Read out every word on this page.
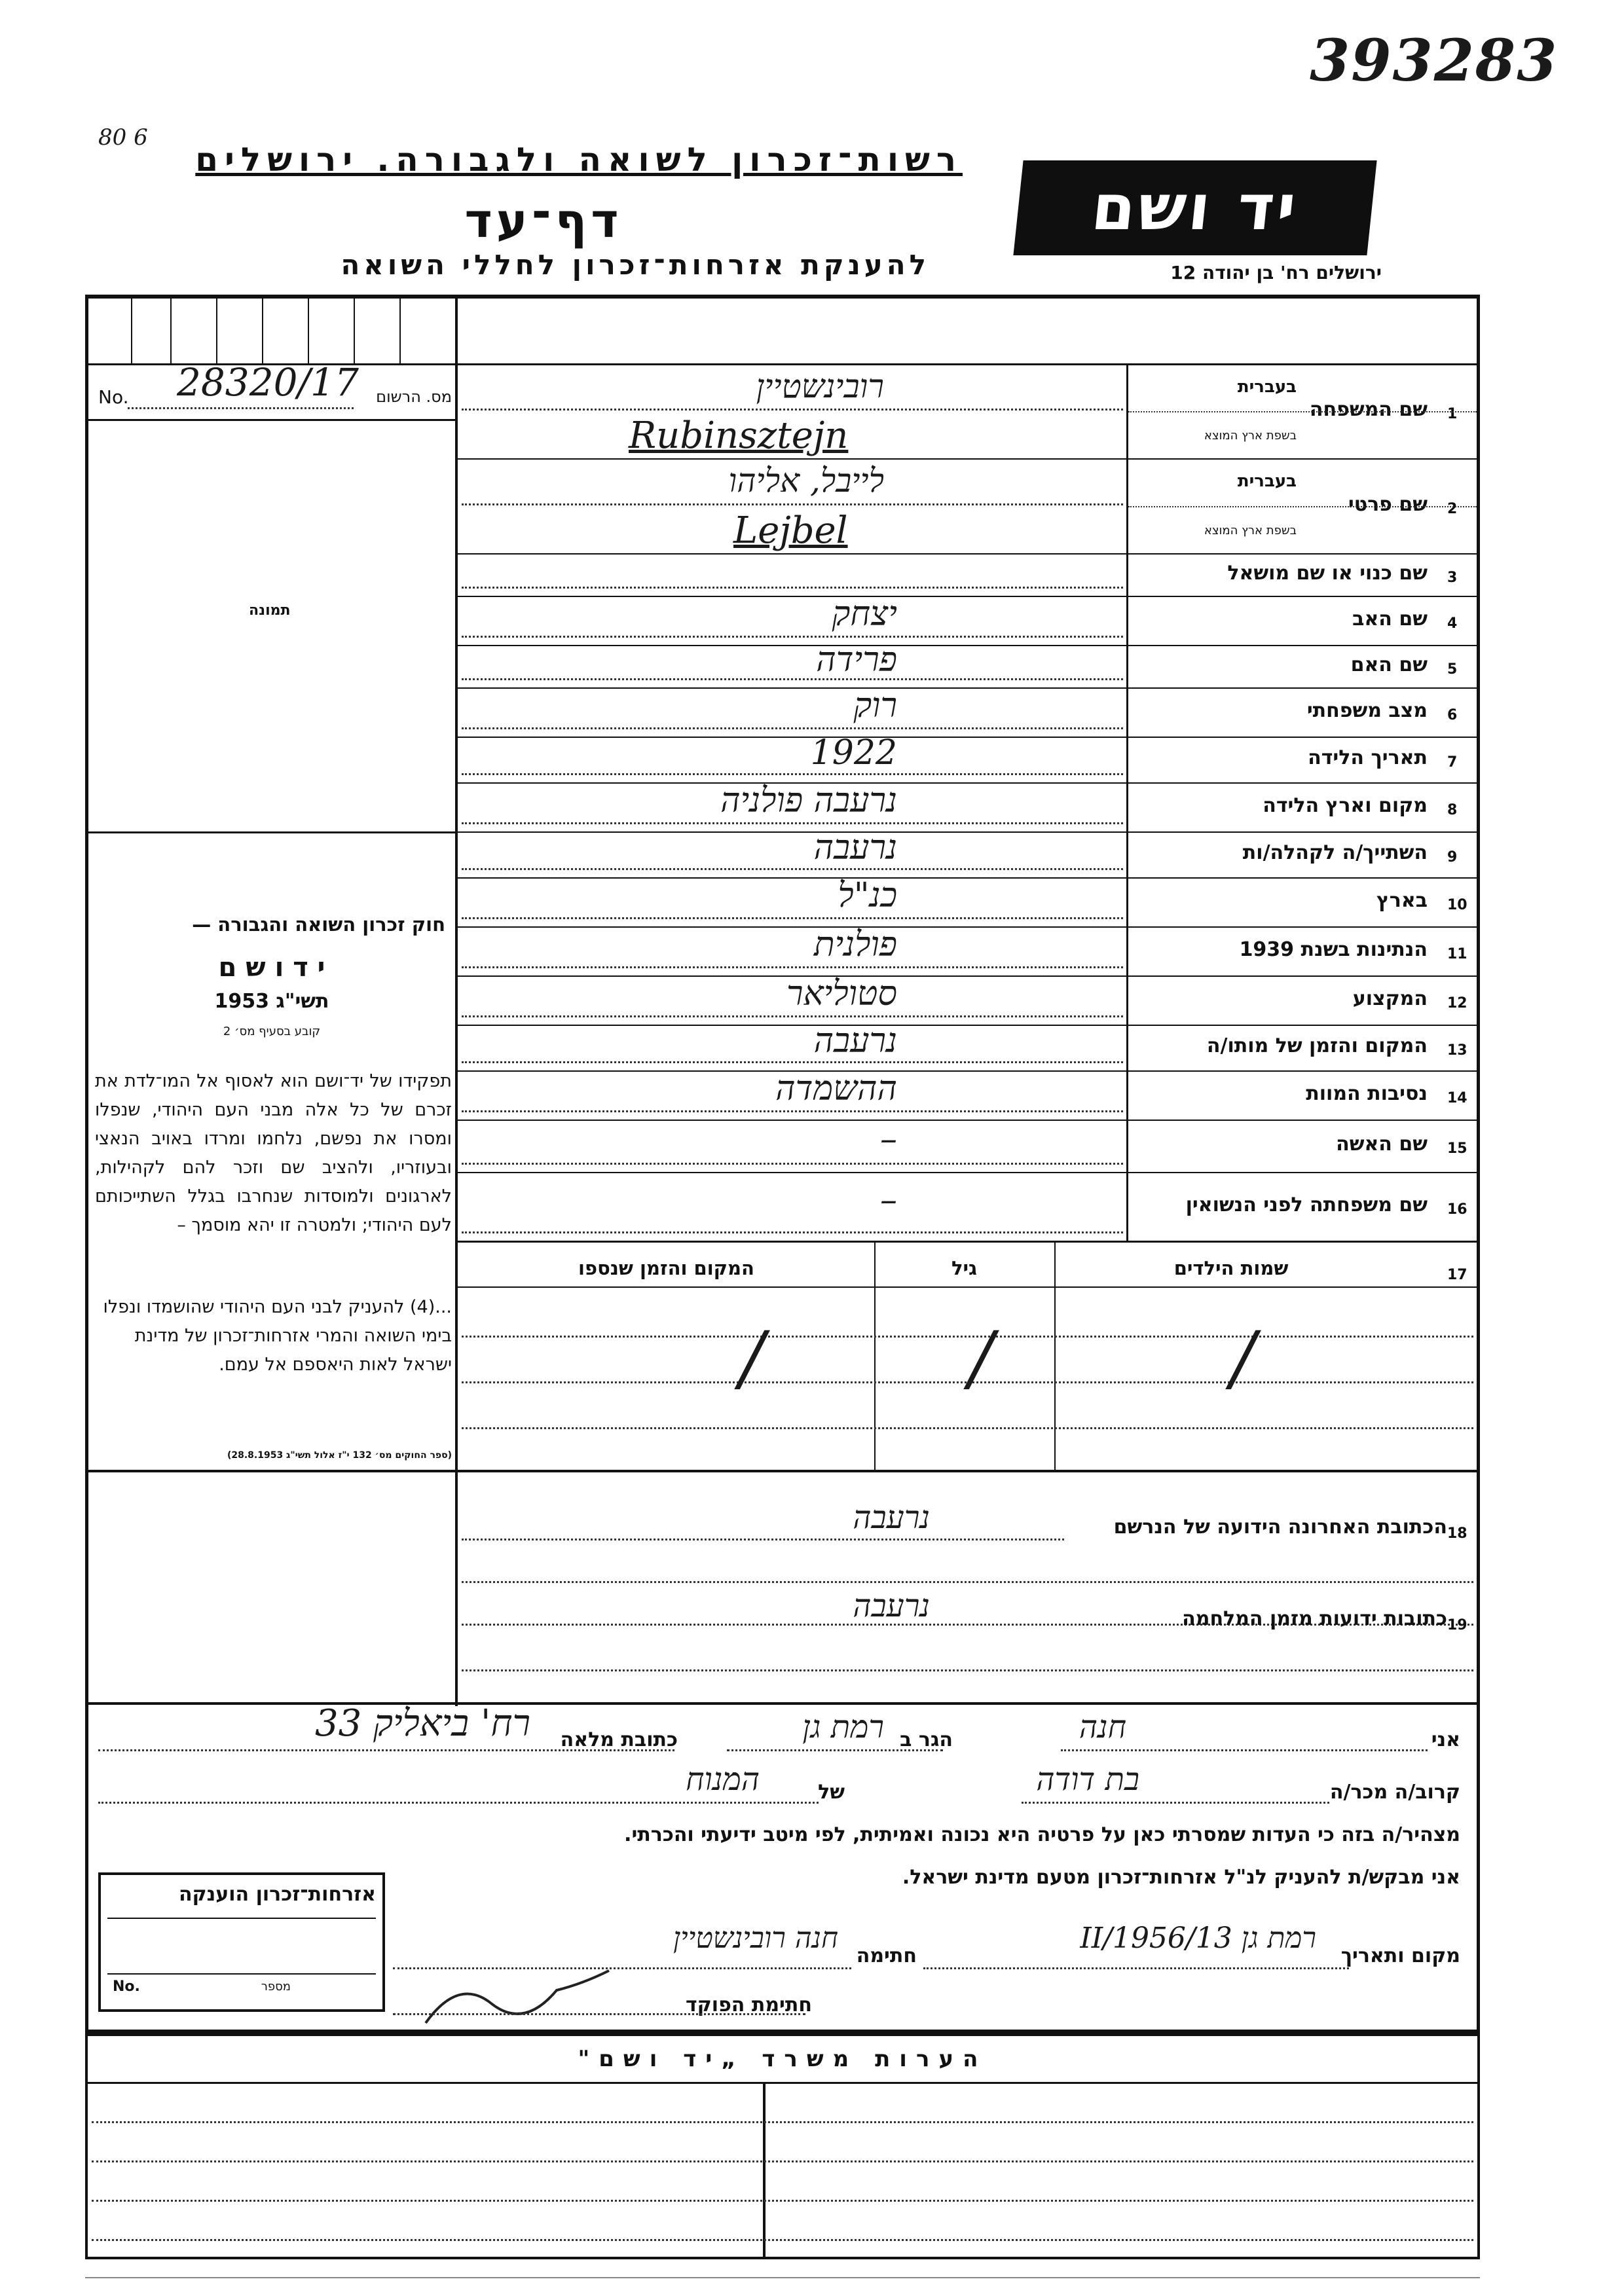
393283
80 6
רשות־זכרון לשואה ולגבורה. ירושלים
דף־עד
להענקת אזרחות־זכרון לחללי השואה
יד ושם
ירושלים רח' בן יהודה 12
No. 28320/17 מס. הרשום
תמונה
חוק זכרון השואה והגבורה —
י ד ו ש ם
תשי"ג 1953
קובע בסעיף מס׳ 2
תפקידו של יד־ושם הוא לאסוף אל המו־לדת את זכרם של כל אלה מבני העם היהודי, שנפלו ומסרו את נפשם, נלחמו ומרדו באויב הנאצי ובעוזריו, ולהציב שם וזכר להם לקהילות, לארגונים ולמוסדות שנחרבו בגלל השתייכותם לעם היהודי; ולמטרה זו יהא מוסמך –
...(4) להעניק לבני העם היהודי שהושמדו ונפלו בימי השואה והמרי אזרחות־זכרון של מדינת ישראל לאות היאספם אל עמם.
(ספר החוקים מס׳ 132 י"ז אלול תשי"ג 28.8.1953)
1
שם המשפחה
בעברית
בשפת ארץ המוצא
רובינשטיין
Rubinsztejn
2
שם פרטי
בעברית
בשפת ארץ המוצא
לייבל, אליהו
Lejbel
3
שם כנוי או שם מושאל
4
שם האב
יצחק
5
שם האם
פרידה
6
מצב משפחתי
רוק
7
תאריך הלידה
1922
8
מקום וארץ הלידה
נרעבה פולניה
9
השתייך/ה לקהלה/ות
נרעבה
10
בארץ
כנ"ל
11
הנתינות בשנת 1939
פולנית
12
המקצוע
סטוליאר
13
המקום והזמן של מותו/ה
נרעבה
14
נסיבות המוות
ההשמדה
15
שם האשה
–
16
שם משפחתה לפני הנשואין
–
17
שמות הילדים
גיל
המקום והזמן שנספו
/
/
/
18
הכתובת האחרונה הידועה של הנרשם
נרעבה
19
כתובות ידועות מזמן המלחמה
נרעבה
אני
חנה
הגר ב
רמת גן
כתובת מלאה
רח' ביאליק 33
קרוב/ה מכר/ה
בת דודה
של
המנוח
מצהיר/ה בזה כי העדות שמסרתי כאן על פרטיה היא נכונה ואמיתית, לפי מיטב ידיעתי והכרתי.
אני מבקש/ת להעניק לנ"ל אזרחות־זכרון מטעם מדינת ישראל.
מקום ותאריך
רמת גן 13/II/1956
חתימה
חנה רובינשטיין
חתימת הפוקד
אזרחות־זכרון הוענקה
No.	מספר
הערות משרד „יד ושם"
